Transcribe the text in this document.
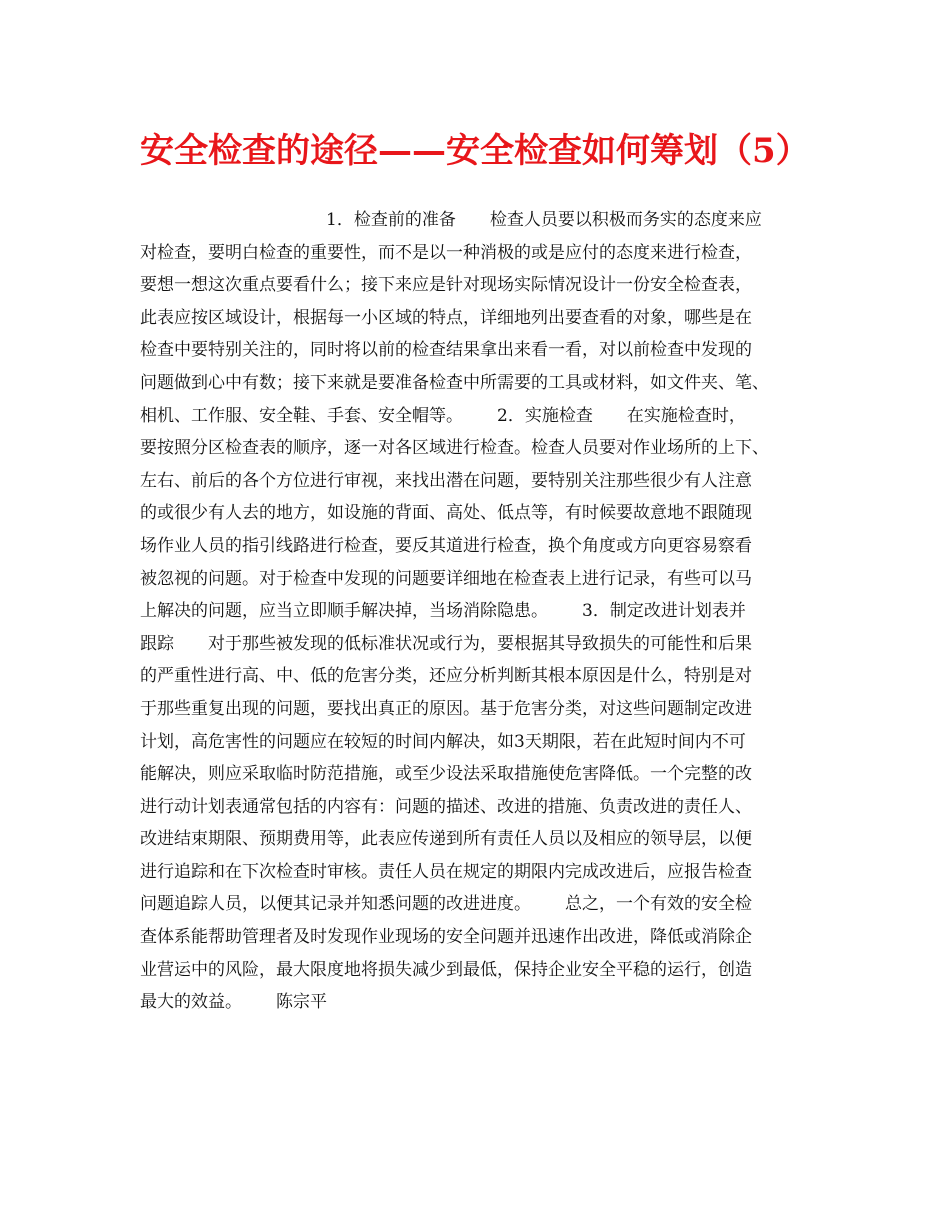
安全检查的途径——安全检查如何筹划（5）
1．检查前的准备 检查人员要以积极而务实的态度来应
对检查，要明白检查的重要性，而不是以一种消极的或是应付的态度来进行检查，
要想一想这次重点要看什么；接下来应是针对现场实际情况设计一份安全检查表，
此表应按区域设计，根据每一小区域的特点，详细地列出要查看的对象，哪些是在
检查中要特别关注的，同时将以前的检查结果拿出来看一看，对以前检查中发现的
问题做到心中有数；接下来就是要准备检查中所需要的工具或材料，如文件夹、笔、
相机、工作服、安全鞋、手套、安全帽等。 2．实施检查 在实施检查时，
要按照分区检查表的顺序，逐一对各区域进行检查。检查人员要对作业场所的上下、
左右、前后的各个方位进行审视，来找出潜在问题，要特别关注那些很少有人注意
的或很少有人去的地方，如设施的背面、高处、低点等，有时候要故意地不跟随现
场作业人员的指引线路进行检查，要反其道进行检查，换个角度或方向更容易察看
被忽视的问题。对于检查中发现的问题要详细地在检查表上进行记录，有些可以马
上解决的问题，应当立即顺手解决掉，当场消除隐患。 3．制定改进计划表并
跟踪 对于那些被发现的低标准状况或行为，要根据其导致损失的可能性和后果
的严重性进行高、中、低的危害分类，还应分析判断其根本原因是什么，特别是对
于那些重复出现的问题，要找出真正的原因。基于危害分类，对这些问题制定改进
计划，高危害性的问题应在较短的时间内解决，如3天期限，若在此短时间内不可
能解决，则应采取临时防范措施，或至少设法采取措施使危害降低。一个完整的改
进行动计划表通常包括的内容有：问题的描述、改进的措施、负责改进的责任人、
改进结束期限、预期费用等，此表应传递到所有责任人员以及相应的领导层，以便
进行追踪和在下次检查时审核。责任人员在规定的期限内完成改进后，应报告检查
问题追踪人员，以便其记录并知悉问题的改进进度。 总之，一个有效的安全检
查体系能帮助管理者及时发现作业现场的安全问题并迅速作出改进，降低或消除企
业营运中的风险，最大限度地将损失减少到最低，保持企业安全平稳的运行，创造
最大的效益。 陈宗平
